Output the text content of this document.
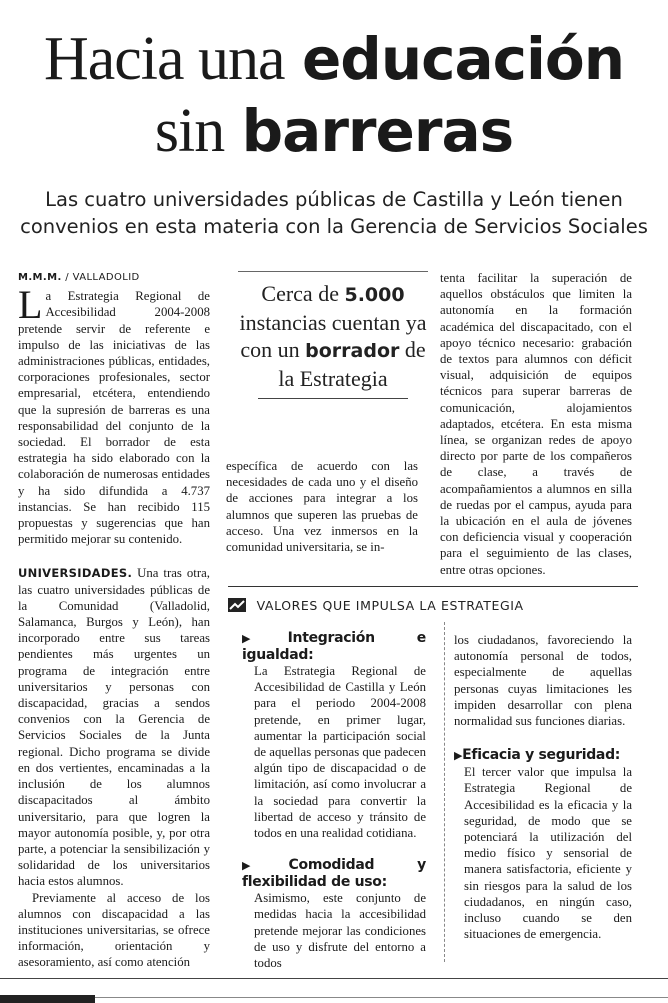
Hacia una educación
sin barreras
Las cuatro universidades públicas de Castilla y León tienen
convenios en esta materia con la Gerencia de Servicios Sociales
M.M.M. / VALLADOLID

La Estrategia Regional de Accesibilidad 2004-2008 pretende servir de referente e impulso de las iniciativas de las administraciones públicas, entidades, corporaciones profesionales, sector empresarial, etcétera, entendiendo que la supresión de barreras es una responsabilidad del conjunto de la sociedad. El borrador de esta estrategia ha sido elaborado con la colaboración de numerosas entidades y ha sido difundida a 4.737 instancias. Se han recibido 115 propuestas y sugerencias que han permitido mejorar su contenido.

UNIVERSIDADES. Una tras otra, las cuatro universidades públicas de la Comunidad (Valladolid, Salamanca, Burgos y León), han incorporado entre sus tareas pendientes más urgentes un programa de integración entre universitarios y personas con discapacidad, gracias a sendos convenios con la Gerencia de Servicios Sociales de la Junta regional. Dicho programa se divide en dos vertientes, encaminadas a la inclusión de los alumnos discapacitados al ámbito universitario, para que logren la mayor autonomía posible, y, por otra parte, a potenciar la sensibilización y solidaridad de los universitarios hacia estos alumnos.

Previamente al acceso de los alumnos con discapacidad a las instituciones universitarias, se ofrece información, orientación y asesoramiento, así como atención

Cerca de 5.000 instancias cuentan ya con un borrador de la Estrategia

específica de acuerdo con las necesidades de cada uno y el diseño de acciones para integrar a los alumnos que superen las pruebas de acceso. Una vez inmersos en la comunidad universitaria, se in-

tenta facilitar la superación de aquellos obstáculos que limiten la autonomía en la formación académica del discapacitado, con el apoyo técnico necesario: grabación de textos para alumnos con déficit visual, adquisición de equipos técnicos para superar barreras de comunicación, alojamientos adaptados, etcétera. En esta misma línea, se organizan redes de apoyo directo por parte de los compañeros de clase, a través de acompañamientos a alumnos en silla de ruedas por el campus, ayuda para la ubicación en el aula de jóvenes con deficiencia visual y cooperación para el seguimiento de las clases, entre otras opciones.

VALORES QUE IMPULSA LA ESTRATEGIA
▶Integración e igualdad:

La Estrategia Regional de Accesibilidad de Castilla y León para el periodo 2004-2008 pretende, en primer lugar, aumentar la participación social de aquellas personas que padecen algún tipo de discapacidad o de limitación, así como involucrar a la sociedad para convertir la libertad de acceso y tránsito de todos en una realidad cotidiana.

▶Comodidad y flexibilidad de uso:

Asimismo, este conjunto de medidas hacia la accesibilidad pretende mejorar las condiciones de uso y disfrute del entorno a todos

los ciudadanos, favoreciendo la autonomía personal de todos, especialmente de aquellas personas cuyas limitaciones les impiden desarrollar con plena normalidad sus funciones diarias.

▶Eficacia y seguridad:

El tercer valor que impulsa la Estrategia Regional de Accesibilidad es la eficacia y la seguridad, de modo que se potenciará la utilización del medio físico y sensorial de manera satisfactoria, eficiente y sin riesgos para la salud de los ciudadanos, en ningún caso, incluso cuando se den situaciones de emergencia.
